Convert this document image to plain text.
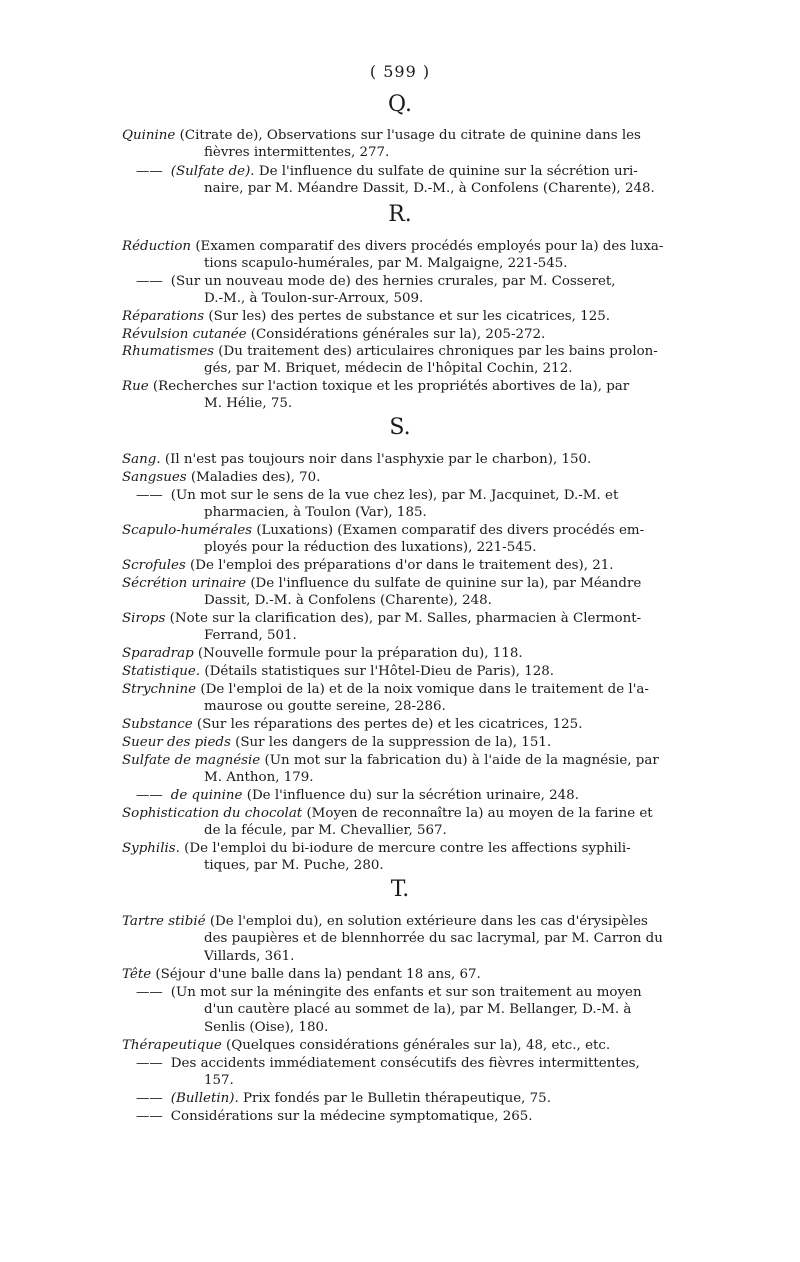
( 599 )
Q.
Quinine (Citrate de), Observations sur l'usage du citrate de quinine dans les
fièvres intermittentes, 277.
—— (Sulfate de). De l'influence du sulfate de quinine sur la sécrétion uri-
naire, par M. Méandre Dassit, D.-M., à Confolens (Charente), 248.
R.
Réduction (Examen comparatif des divers procédés employés pour la) des luxa-
tions scapulo-humérales, par M. Malgaigne, 221-545.
—— (Sur un nouveau mode de) des hernies crurales, par M. Cosseret,
D.-M., à Toulon-sur-Arroux, 509.
Réparations (Sur les) des pertes de substance et sur les cicatrices, 125.
Révulsion cutanée (Considérations générales sur la), 205-272.
Rhumatismes (Du traitement des) articulaires chroniques par les bains prolon-
gés, par M. Briquet, médecin de l'hôpital Cochin, 212.
Rue (Recherches sur l'action toxique et les propriétés abortives de la), par
M. Hélie, 75.
S.
Sang. (Il n'est pas toujours noir dans l'asphyxie par le charbon), 150.
Sangsues (Maladies des), 70.
—— (Un mot sur le sens de la vue chez les), par M. Jacquinet, D.-M. et
pharmacien, à Toulon (Var), 185.
Scapulo-humérales (Luxations) (Examen comparatif des divers procédés em-
ployés pour la réduction des luxations), 221-545.
Scrofules (De l'emploi des préparations d'or dans le traitement des), 21.
Sécrétion urinaire (De l'influence du sulfate de quinine sur la), par Méandre
Dassit, D.-M. à Confolens (Charente), 248.
Sirops (Note sur la clarification des), par M. Salles, pharmacien à Clermont-
Ferrand, 501.
Sparadrap (Nouvelle formule pour la préparation du), 118.
Statistique. (Détails statistiques sur l'Hôtel-Dieu de Paris), 128.
Strychnine (De l'emploi de la) et de la noix vomique dans le traitement de l'a-
maurose ou goutte sereine, 28-286.
Substance (Sur les réparations des pertes de) et les cicatrices, 125.
Sueur des pieds (Sur les dangers de la suppression de la), 151.
Sulfate de magnésie (Un mot sur la fabrication du) à l'aide de la magnésie, par
M. Anthon, 179.
—— de quinine (De l'influence du) sur la sécrétion urinaire, 248.
Sophistication du chocolat (Moyen de reconnaître la) au moyen de la farine et
de la fécule, par M. Chevallier, 567.
Syphilis. (De l'emploi du bi-iodure de mercure contre les affections syphili-
tiques, par M. Puche, 280.
T.
Tartre stibié (De l'emploi du), en solution extérieure dans les cas d'érysipèles
des paupières et de blennhorrée du sac lacrymal, par M. Carron du
Villards, 361.
Tête (Séjour d'une balle dans la) pendant 18 ans, 67.
—— (Un mot sur la méningite des enfants et sur son traitement au moyen
d'un cautère placé au sommet de la), par M. Bellanger, D.-M. à
Senlis (Oise), 180.
Thérapeutique (Quelques considérations générales sur la), 48, etc., etc.
—— Des accidents immédiatement consécutifs des fièvres intermittentes,
157.
—— (Bulletin). Prix fondés par le Bulletin thérapeutique, 75.
—— Considérations sur la médecine symptomatique, 265.
